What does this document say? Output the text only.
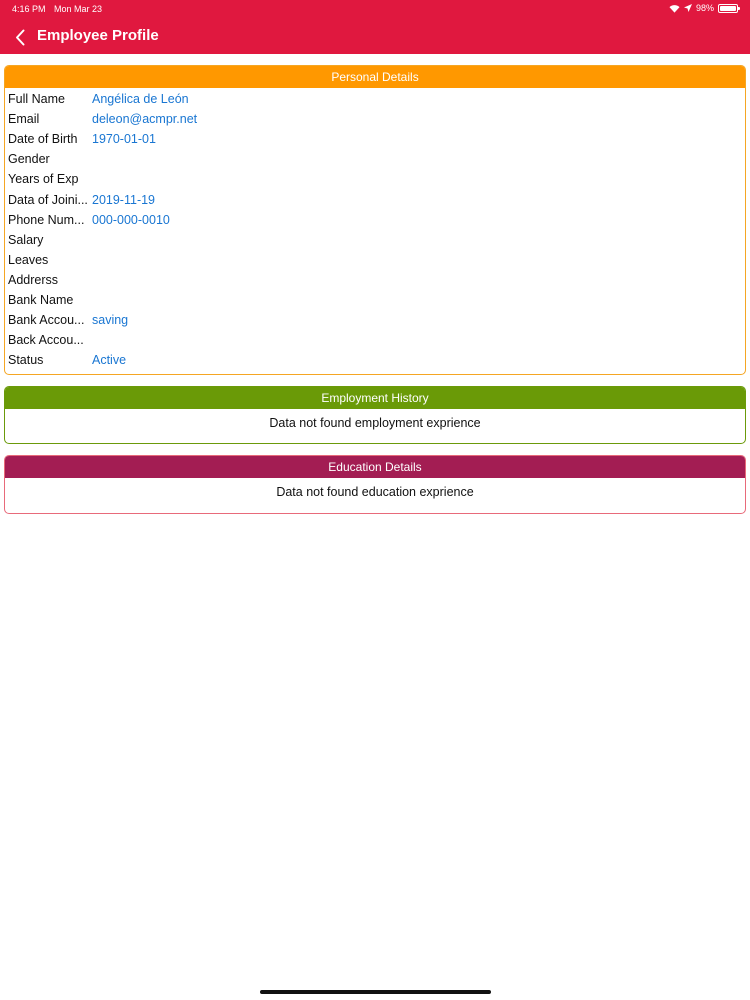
4:16 PM Mon Mar 23	98%
Employee Profile
Personal Details
Full Name	Angélica de León
Email	deleon@acmpr.net
Date of Birth	1970-01-01
Gender
Years of Exp
Data of Joini... 2019-11-19
Phone Num... 000-000-0010
Salary
Leaves
Addrerss
Bank Name
Bank Accou... saving
Back Accou...
Status	Active
Employment History
Data not found employment exprience
Education Details
Data not found education exprience
